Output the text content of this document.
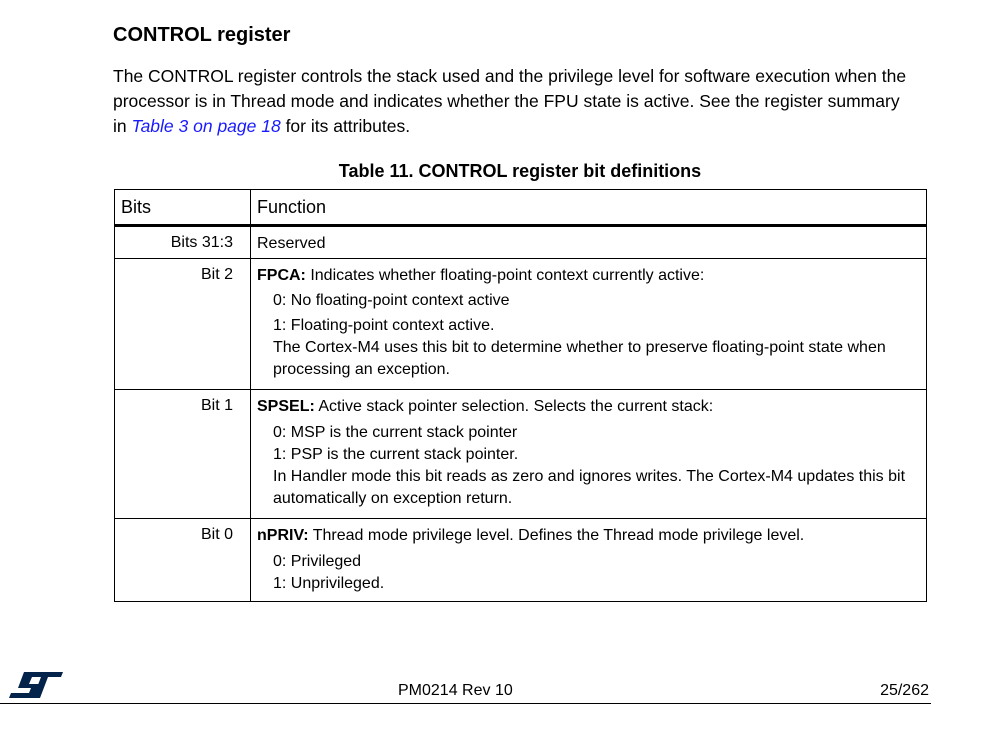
CONTROL register

The CONTROL register controls the stack used and the privilege level for software execution when the processor is in Thread mode and indicates whether the FPU state is active. See the register summary in Table 3 on page 18 for its attributes.

Table 11. CONTROL register bit definitions
Bits	Function
Bits 31:3	Reserved

Bit 2	FPCA: Indicates whether floating-point context currently active:
0: No floating-point context active
1: Floating-point context active.
The Cortex-M4 uses this bit to determine whether to preserve floating-point state when processing an exception.

Bit 1	SPSEL: Active stack pointer selection. Selects the current stack:
0: MSP is the current stack pointer
1: PSP is the current stack pointer.
In Handler mode this bit reads as zero and ignores writes. The Cortex-M4 updates this bit automatically on exception return.

Bit 0	nPRIV: Thread mode privilege level. Defines the Thread mode privilege level.
0: Privileged
1: Unprivileged.
PM0214 Rev 10	25/262
